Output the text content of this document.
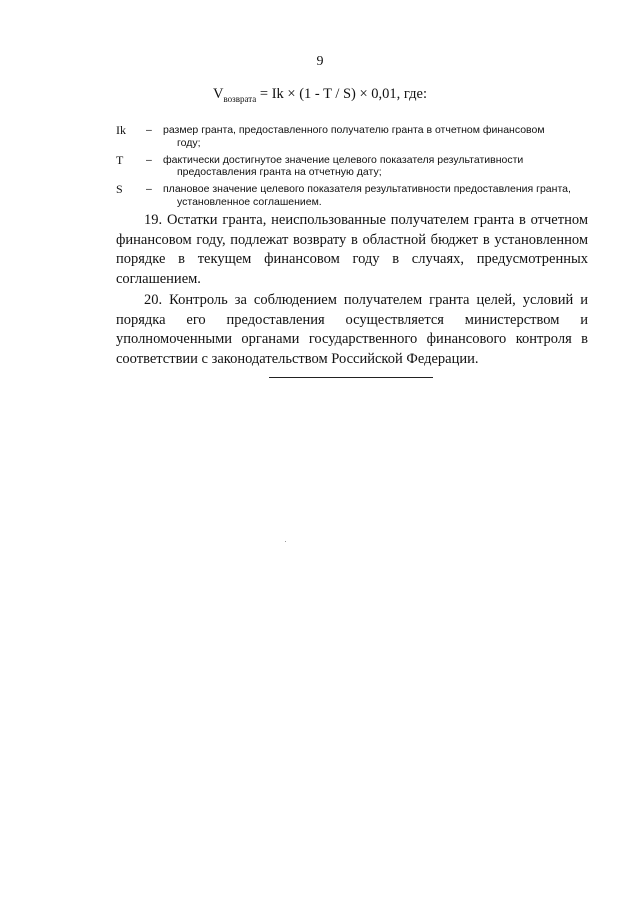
9
$V_{возврата} = Ik \times (1 - T / S) \times 0,01$, где:
Ik – размер гранта, предоставленного получателю гранта в отчетном финансовом
году;
T – фактически достигнутое значение целевого показателя результативности
предоставления гранта на отчетную дату;
S – плановое значение целевого показателя результативности предоставления гранта,
установленное соглашением.

19. Остатки гранта, неиспользованные получателем гранта в отчетном финансовом году, подлежат возврату в областной бюджет в установленном порядке в текущем финансовом году в случаях, предусмотренных соглашением.

20. Контроль за соблюдением получателем гранта целей, условий и порядка его предоставления осуществляется министерством и уполномоченными органами государственного финансового контроля в соответствии с законодательством Российской Федерации.
